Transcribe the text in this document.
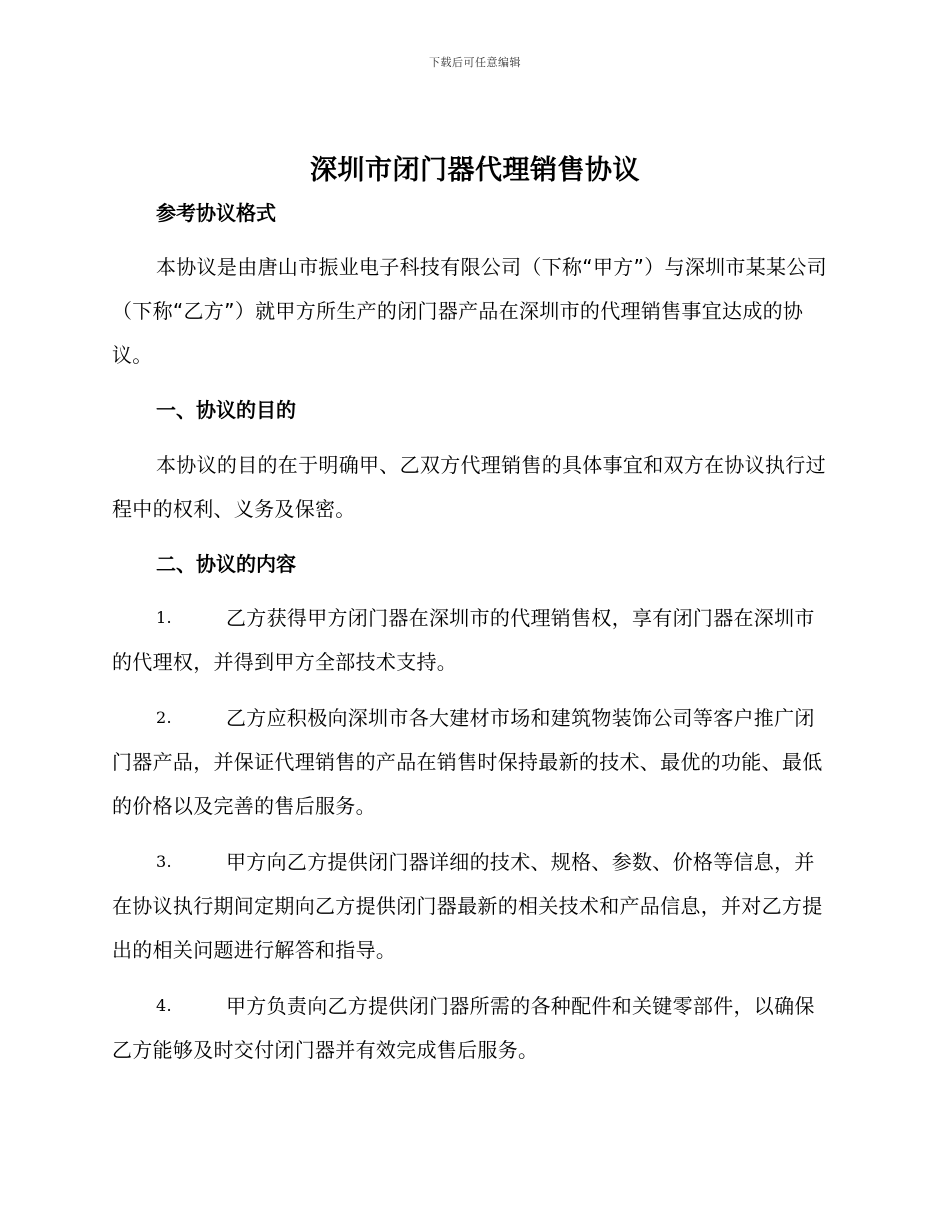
下载后可任意编辑
深圳市闭门器代理销售协议
参考协议格式
本协议是由唐山市振业电子科技有限公司（下称“甲方”）与深圳市某某公司（下称“乙方”）就甲方所生产的闭门器产品在深圳市的代理销售事宜达成的协议。
一、协议的目的
本协议的目的在于明确甲、乙双方代理销售的具体事宜和双方在协议执行过程中的权利、义务及保密。
二、协议的内容
1.	乙方获得甲方闭门器在深圳市的代理销售权，享有闭门器在深圳市的代理权，并得到甲方全部技术支持。
2.	乙方应积极向深圳市各大建材市场和建筑物装饰公司等客户推广闭门器产品，并保证代理销售的产品在销售时保持最新的技术、最优的功能、最低的价格以及完善的售后服务。
3.	甲方向乙方提供闭门器详细的技术、规格、参数、价格等信息，并在协议执行期间定期向乙方提供闭门器最新的相关技术和产品信息，并对乙方提出的相关问题进行解答和指导。
4.	甲方负责向乙方提供闭门器所需的各种配件和关键零部件，以确保乙方能够及时交付闭门器并有效完成售后服务。
